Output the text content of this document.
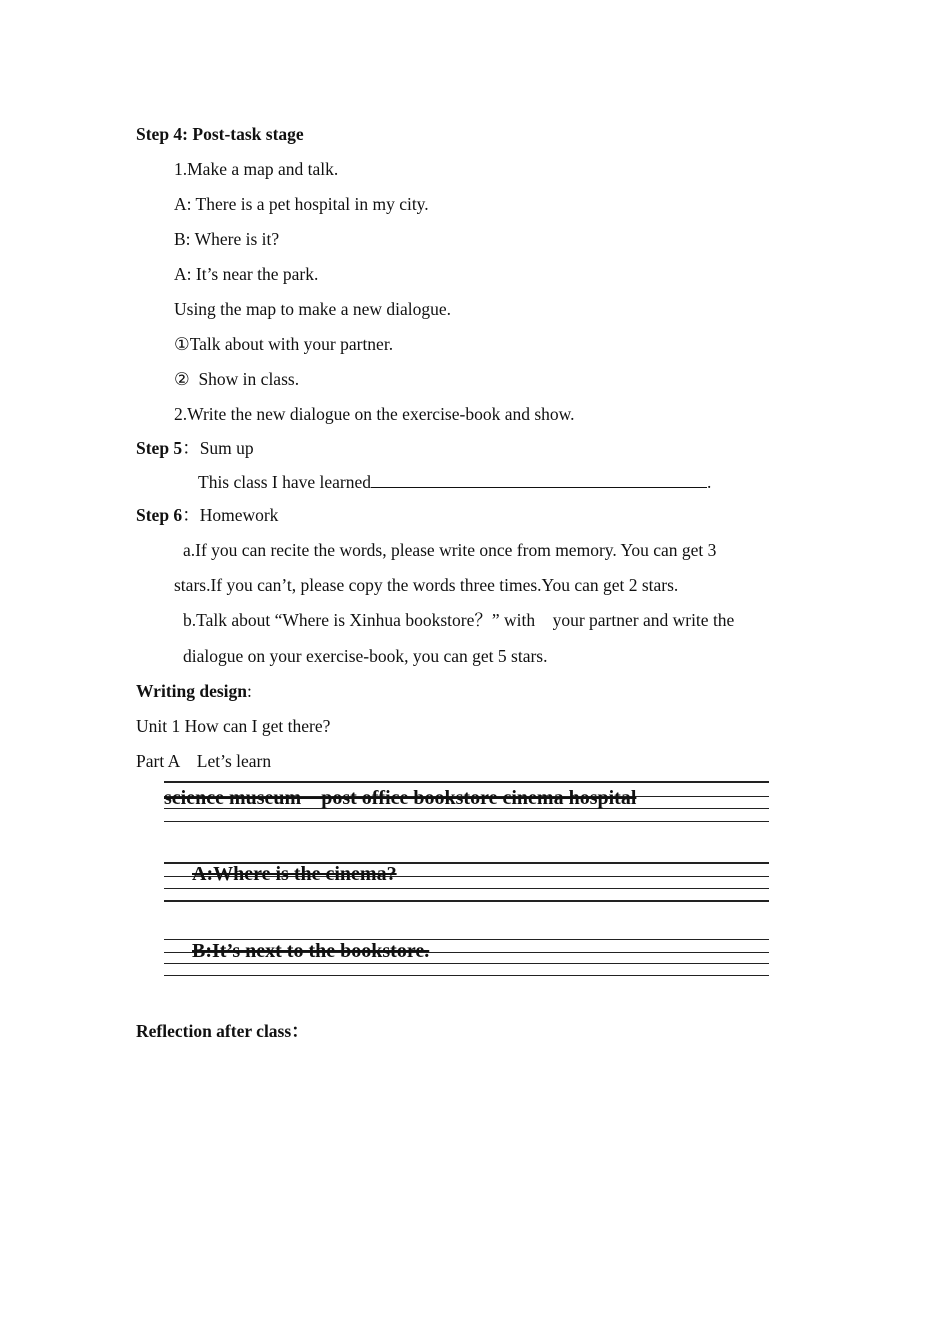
Step 4: Post-task stage
1.Make a map and talk.
A: There is a pet hospital in my city.
B: Where is it?
A: It’s near the park.
Using the map to make a new dialogue.
①Talk about with your partner.
②  Show in class.
2.Write the new dialogue on the exercise-book and show.
Step 5：Sum up
This class I have learned	.
Step 6：Homework
a.If you can recite the words, please write once from memory. You can get 3
stars.If you can’t, please copy the words three times.You can get 2 stars.
b.Talk about “Where is Xinhua bookstore？” with    your partner and write the
dialogue on your exercise-book, you can get 5 stars.
Writing design:
Unit 1 How can I get there?
Part A    Let’s learn
science museum    post office bookstore cinema hospital
A:Where is the cinema?
B:It’s next to the bookstore.
Reflection after class：
